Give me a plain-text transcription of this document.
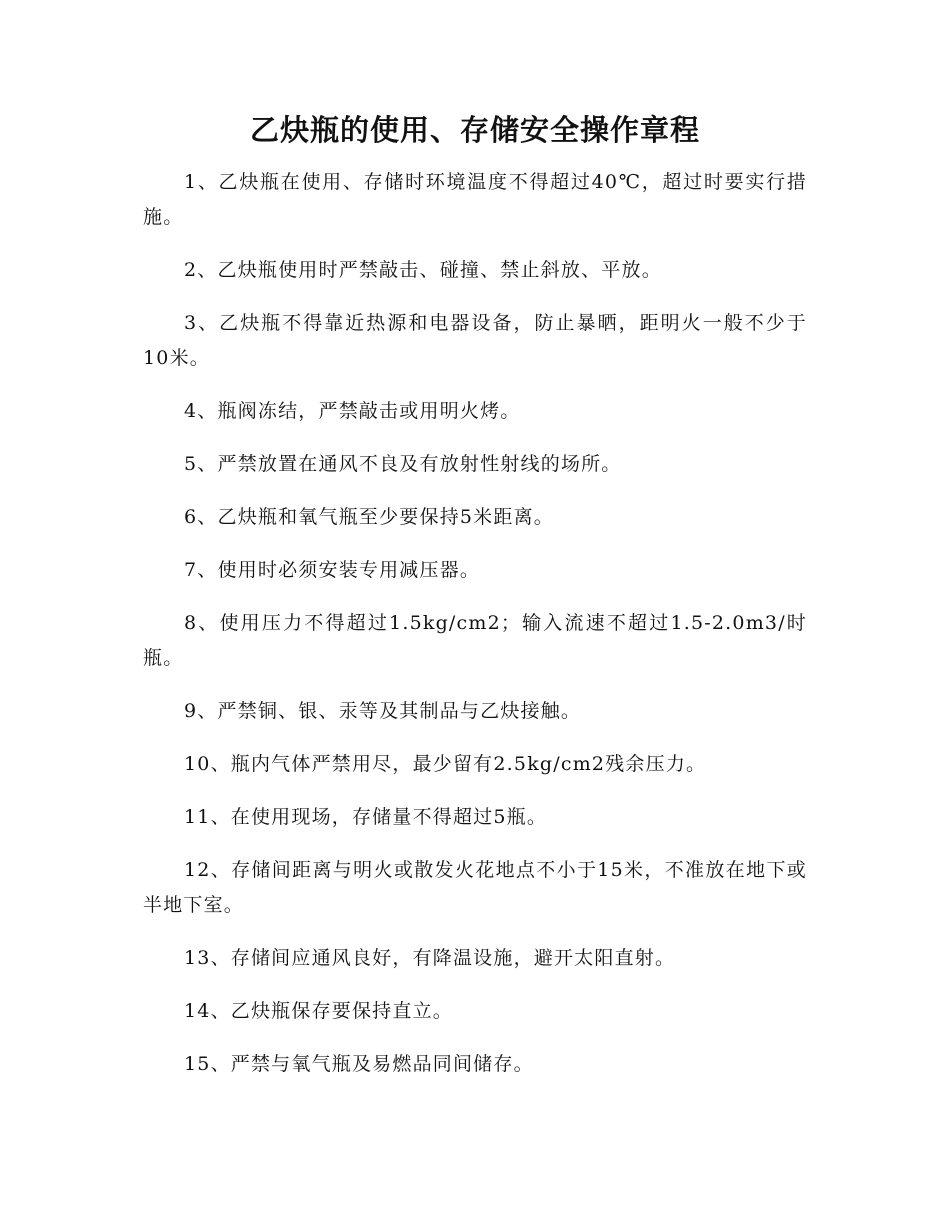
乙炔瓶的使用、存储安全操作章程

1、乙炔瓶在使用、存储时环境温度不得超过40℃，超过时要实行措施。

2、乙炔瓶使用时严禁敲击、碰撞、禁止斜放、平放。

3、乙炔瓶不得靠近热源和电器设备，防止暴晒，距明火一般不少于10米。

4、瓶阀冻结，严禁敲击或用明火烤。

5、严禁放置在通风不良及有放射性射线的场所。

6、乙炔瓶和氧气瓶至少要保持5米距离。

7、使用时必须安装专用减压器。

8、使用压力不得超过1.5kg/cm2；输入流速不超过1.5-2.0m3/时瓶。

9、严禁铜、银、汞等及其制品与乙炔接触。

10、瓶内气体严禁用尽，最少留有2.5kg/cm2残余压力。

11、在使用现场，存储量不得超过5瓶。

12、存储间距离与明火或散发火花地点不小于15米，不准放在地下或半地下室。

13、存储间应通风良好，有降温设施，避开太阳直射。

14、乙炔瓶保存要保持直立。

15、严禁与氧气瓶及易燃品同间储存。
